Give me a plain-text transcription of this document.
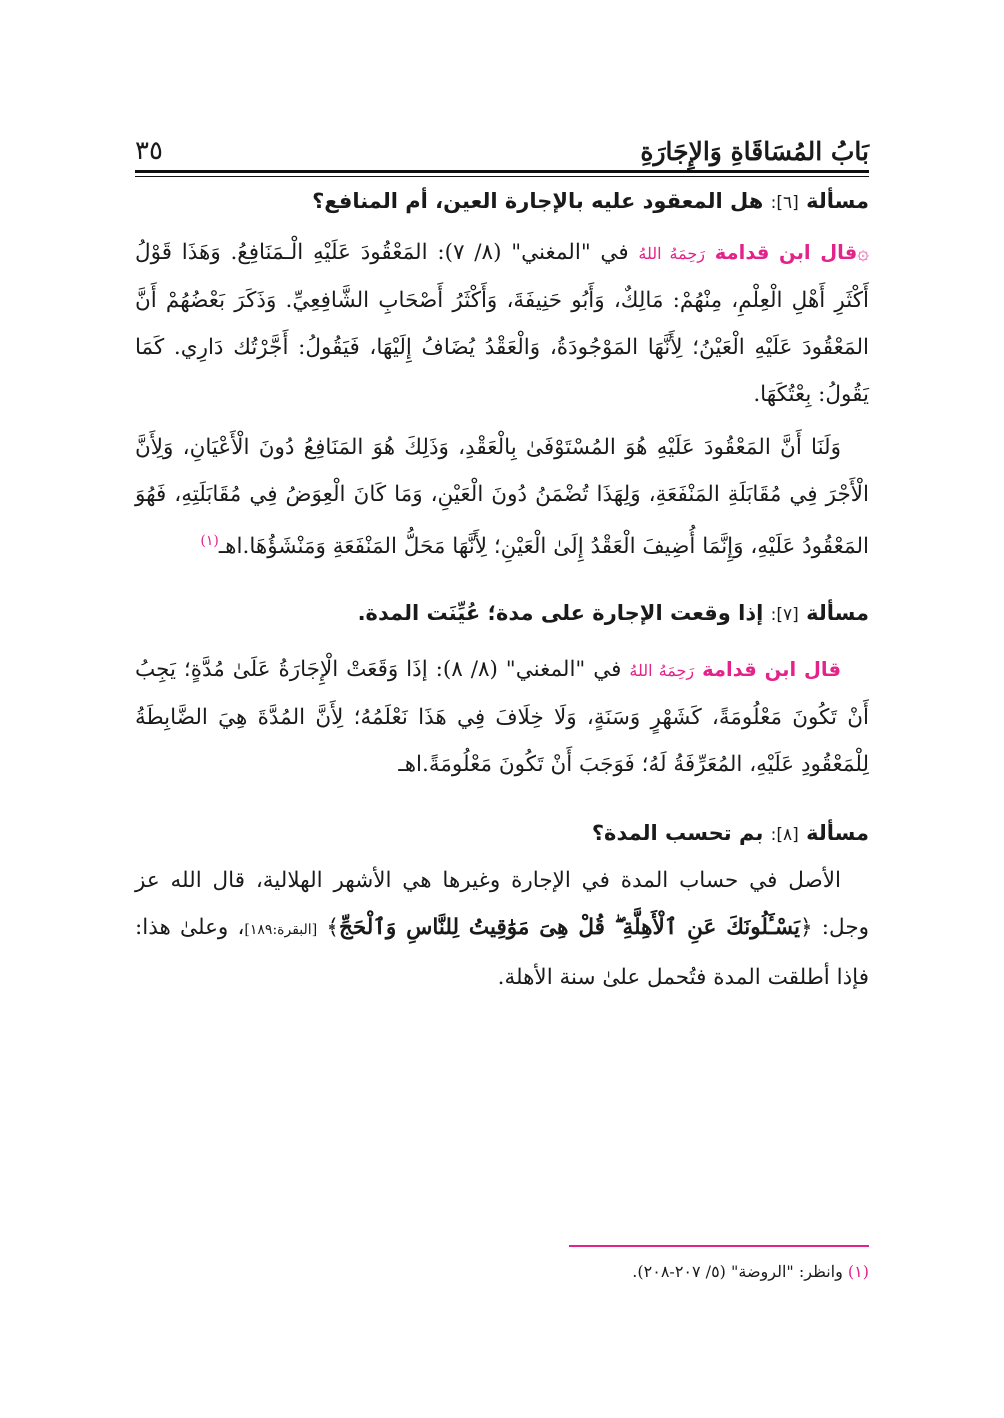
بَابُ المُسَاقَاةِ وَالإِجَارَةِ
٣٥

مسألة [٦]: هل المعقود عليه بالإجارة العين، أم المنافع؟

۞قال ابن قدامة رَحِمَهُ اللهُ في "المغني" (٨/ ٧): المَعْقُودَ عَلَيْهِ الْـمَنَافِعُ. وَهَذَا قَوْلُ أَكْثَرِ أَهْلِ الْعِلْمِ، مِنْهُمْ: مَالِكٌ، وَأَبُو حَنِيفَةَ، وَأَكْثَرُ أَصْحَابِ الشَّافِعِيِّ. وَذَكَرَ بَعْضُهُمْ أَنَّ المَعْقُودَ عَلَيْهِ الْعَيْنُ؛ لِأَنَّهَا المَوْجُودَةُ، وَالْعَقْدُ يُضَافُ إِلَيْهَا، فَيَقُولُ: أَجَّرْتُك دَارِي. كَمَا يَقُولُ: بِعْتُكَهَا.

وَلَنَا أَنَّ المَعْقُودَ عَلَيْهِ هُوَ المُسْتَوْفَىٰ بِالْعَقْدِ، وَذَلِكَ هُوَ المَنَافِعُ دُونَ الْأَعْيَانِ، وَلِأَنَّ الْأَجْرَ فِي مُقَابَلَةِ المَنْفَعَةِ، وَلِهَذَا تُضْمَنُ دُونَ الْعَيْنِ، وَمَا كَانَ الْعِوَضُ فِي مُقَابَلَتِهِ، فَهُوَ المَعْقُودُ عَلَيْهِ، وَإِنَّمَا أُضِيفَ الْعَقْدُ إِلَىٰ الْعَيْنِ؛ لِأَنَّهَا مَحَلُّ المَنْفَعَةِ وَمَنْشَؤُهَا.اهـ$^{(١)}$

مسألة [٧]: إذا وقعت الإجارة على مدة؛ عُيِّنَت المدة.

قال ابن قدامة رَحِمَهُ اللهُ في "المغني" (٨/ ٨): إذَا وَقَعَتْ الْإِجَارَةُ عَلَىٰ مُدَّةٍ؛ يَجِبُ أَنْ تَكُونَ مَعْلُومَةً، كَشَهْرٍ وَسَنَةٍ، وَلَا خِلَافَ فِي هَذَا نَعْلَمُهُ؛ لِأَنَّ المُدَّةَ هِيَ الضَّابِطَةُ لِلْمَعْقُودِ عَلَيْهِ، المُعَرِّفَةُ لَهُ؛ فَوَجَبَ أَنْ تَكُونَ مَعْلُومَةً.اهـ

مسألة [٨]: بم تحسب المدة؟

الأصل في حساب المدة في الإجارة وغيرها هي الأشهر الهلالية، قال الله عز وجل: ﴿يَسْـَٔلُونَكَ عَنِ ٱلْأَهِلَّةِ ۖ قُلْ هِىَ مَوَٰقِيتُ لِلنَّاسِ وَٱلْحَجِّ﴾ [البقرة:١٨٩]، وعلىٰ هذا: فإذا أطلقت المدة فتُحمل علىٰ سنة الأهلة.

(١) وانظر: "الروضة" (٥/ ٢٠٧-٢٠٨).
